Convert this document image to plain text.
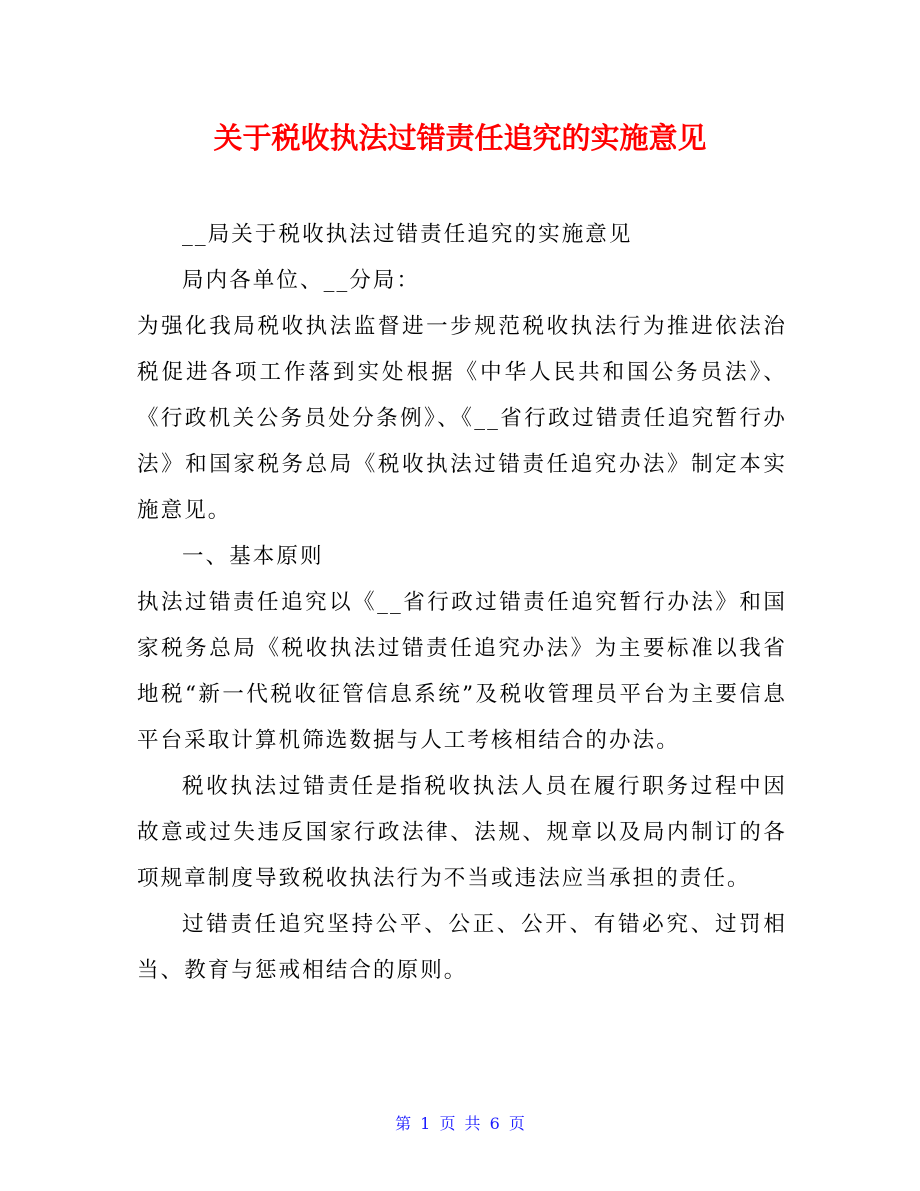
关于税收执法过错责任追究的实施意见

__局关于税收执法过错责任追究的实施意见

局内各单位、__分局：

为强化我局税收执法监督进一步规范税收执法行为推进依法治税促进各项工作落到实处根据《中华人民共和国公务员法》、《行政机关公务员处分条例》、《__省行政过错责任追究暂行办法》和国家税务总局《税收执法过错责任追究办法》制定本实施意见。

一、基本原则

执法过错责任追究以《__省行政过错责任追究暂行办法》和国家税务总局《税收执法过错责任追究办法》为主要标准以我省地税“新一代税收征管信息系统”及税收管理员平台为主要信息平台采取计算机筛选数据与人工考核相结合的办法。

税收执法过错责任是指税收执法人员在履行职务过程中因故意或过失违反国家行政法律、法规、规章以及局内制订的各项规章制度导致税收执法行为不当或违法应当承担的责任。

过错责任追究坚持公平、公正、公开、有错必究、过罚相当、教育与惩戒相结合的原则。

第 1 页 共 6 页
